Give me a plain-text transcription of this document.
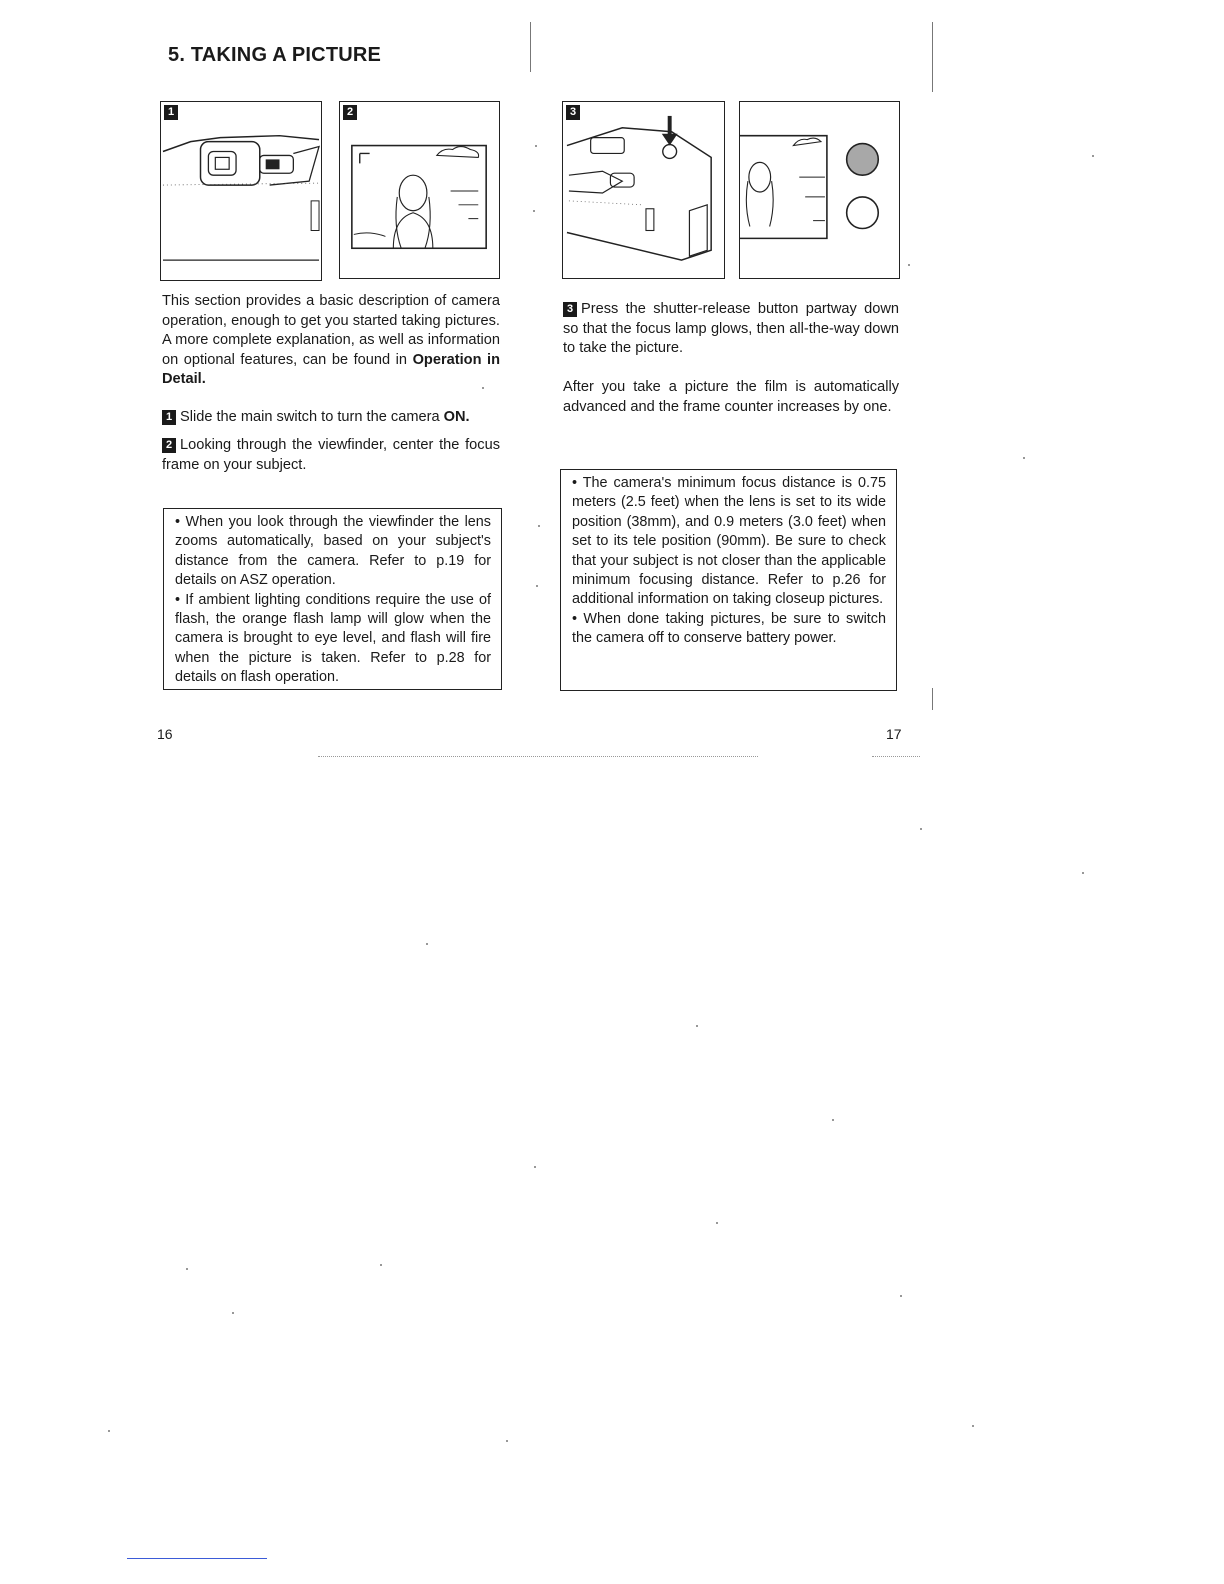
5. TAKING A PICTURE
1	2	3
This section provides a basic description of camera operation, enough to get you started taking pictures. A more complete explanation, as well as information on optional features, can be found in Operation in Detail.
1 Slide the main switch to turn the camera ON.
2 Looking through the viewfinder, center the focus frame on your subject.

• When you look through the viewfinder the lens zooms automatically, based on your subject's distance from the camera. Refer to p.19 for details on ASZ operation.

• If ambient lighting conditions require the use of flash, the orange flash lamp will glow when the camera is brought to eye level, and flash will fire when the picture is taken. Refer to p.28 for details on flash operation.

16
3 Press the shutter-release button partway down so that the focus lamp glows, then all-the-way down to take the picture.
After you take a picture the film is automatically advanced and the frame counter increases by one.

• The camera's minimum focus distance is 0.75 meters (2.5 feet) when the lens is set to its wide position (38mm), and 0.9 meters (3.0 feet) when set to its tele position (90mm). Be sure to check that your subject is not closer than the applicable minimum focusing distance. Refer to p.26 for additional information on taking closeup pictures.

• When done taking pictures, be sure to switch the camera off to conserve battery power.

17
